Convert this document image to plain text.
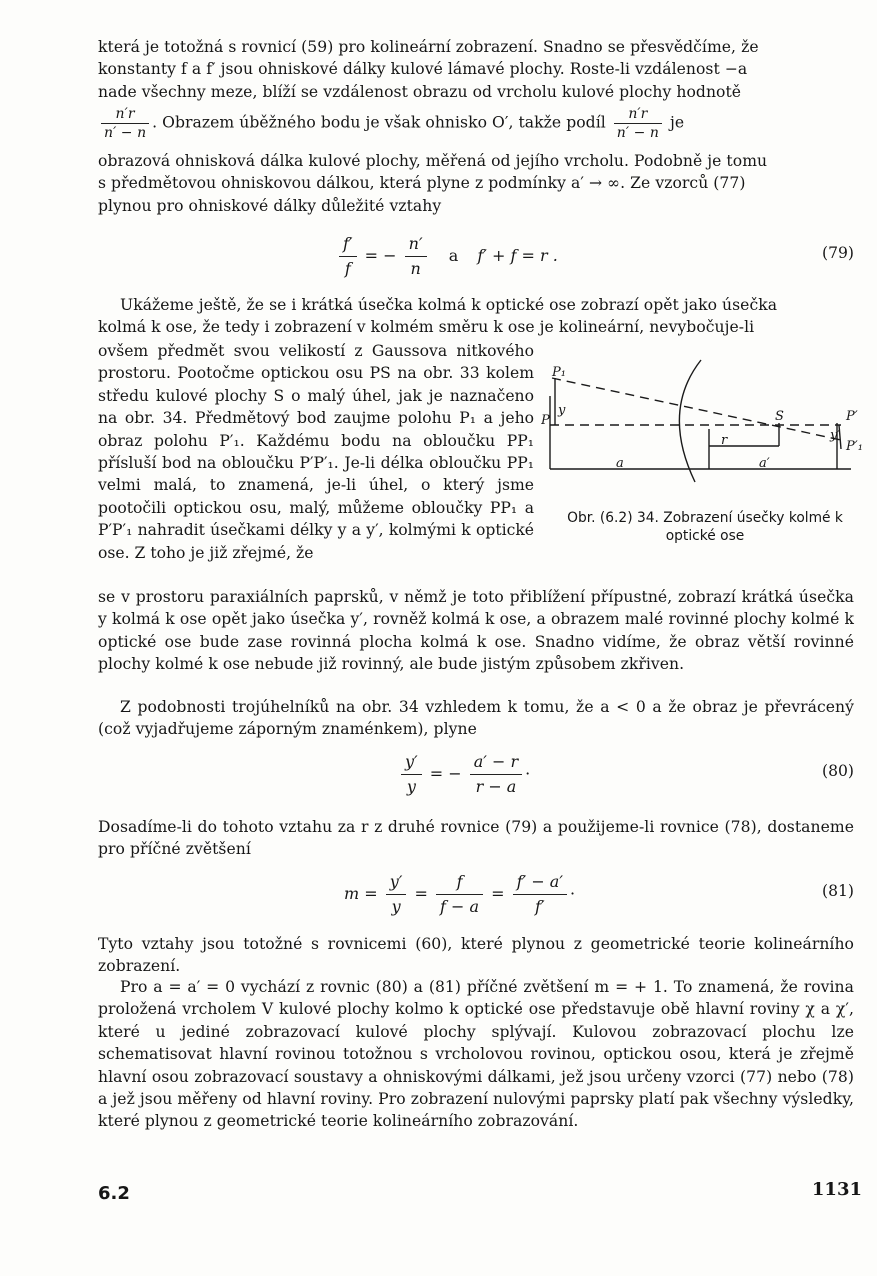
která je totožná s rovnicí (59) pro kolineární zobrazení. Snadno se přesvědčíme, že
konstanty f a f′ jsou ohniskové dálky kulové lámavé plochy. Roste-li vzdálenost −a
nade všechny meze, blíží se vzdálenost obrazu od vrcholu kulové plochy hodnotě
$\frac{n'r}{n' - n}$ . Obrazem úběžného bodu je však ohnisko O′, takže podíl $\frac{n'r}{n' - n}$ je
obrazová ohnisková dálka kulové plochy, měřená od jejího vrcholu. Podobně je tomu
s předmětovou ohniskovou dálkou, která plyne z podmínky a′ → ∞. Ze vzorců (77)
plynou pro ohniskové dálky důležité vztahy
$\frac{f'}{f}$ = − $\frac{n'}{n}$ a f′ + f = r .	(79)
Ukážeme ještě, že se i krátká úsečka kolmá k optické ose zobrazí opět jako úsečka
kolmá k ose, že tedy i zobrazení v kolmém směru k ose je kolineární, nevybočuje-li
ovšem předmět svou velikostí z Gaussova nitkového prostoru. Pootočme optickou osu PS na obr. 33 kolem středu kulové plochy S o malý úhel, jak je naznačeno na obr. 34. Předmětový bod zaujme polohu P₁ a jeho obraz polohu P′₁. Každému bodu na obloučku PP₁ přísluší bod na obloučku P′P′₁. Je-li délka obloučku PP₁ velmi malá, to znamená, je-li úhel, o který jsme pootočili optickou osu, malý, můžeme obloučky PP₁ a P′P′₁ nahradit úsečkami délky y a y′, kolmými k optické ose. Z toho je již zřejmé, že
P₁
P
y	S	P′
y′
P′₁
r
a	a′
Obr. (6.2) 34. Zobrazení úsečky kolmé k optické ose
se v prostoru paraxiálních paprsků, v němž je toto přiblížení přípustné, zobrazí krátká úsečka y kolmá k ose opět jako úsečka y′, rovněž kolmá k ose, a obrazem malé rovinné plochy kolmé k optické ose bude zase rovinná plocha kolmá k ose. Snadno vidíme, že obraz větší rovinné plochy kolmé k ose nebude již rovinný, ale bude jistým způsobem zkřiven.
Z podobnosti trojúhelníků na obr. 34 vzhledem k tomu, že a < 0 a že obraz je převrácený (což vyjadřujeme záporným znaménkem), plyne
$\frac{y'}{y}$ = − $\frac{a' - r}{r - a}$ ·	(80)
Dosadíme-li do tohoto vztahu za r z druhé rovnice (79) a použijeme-li rovnice (78), dostaneme pro příčné zvětšení
$m = \frac{y'}{y} = \frac{f}{f - a} = \frac{f' - a'}{f'}$ ·	(81)
Tyto vztahy jsou totožné s rovnicemi (60), které plynou z geometrické teorie kolineárního zobrazení.
Pro a = a′ = 0 vychází z rovnic (80) a (81) příčné zvětšení m = + 1. To znamená, že rovina proložená vrcholem V kulové plochy kolmo k optické ose představuje obě hlavní roviny χ a χ′, které u jediné zobrazovací kulové plochy splývají. Kulovou zobrazovací plochu lze schematisovat hlavní rovinou totožnou s vrcholovou rovinou, optickou osou, která je zřejmě hlavní osou zobrazovací soustavy a ohniskovými dálkami, jež jsou určeny vzorci (77) nebo (78) a jež jsou měřeny od hlavní roviny. Pro zobrazení nulovými paprsky platí pak všechny výsledky, které plynou z geometrické teorie kolineárního zobrazování.
6.2	1131
